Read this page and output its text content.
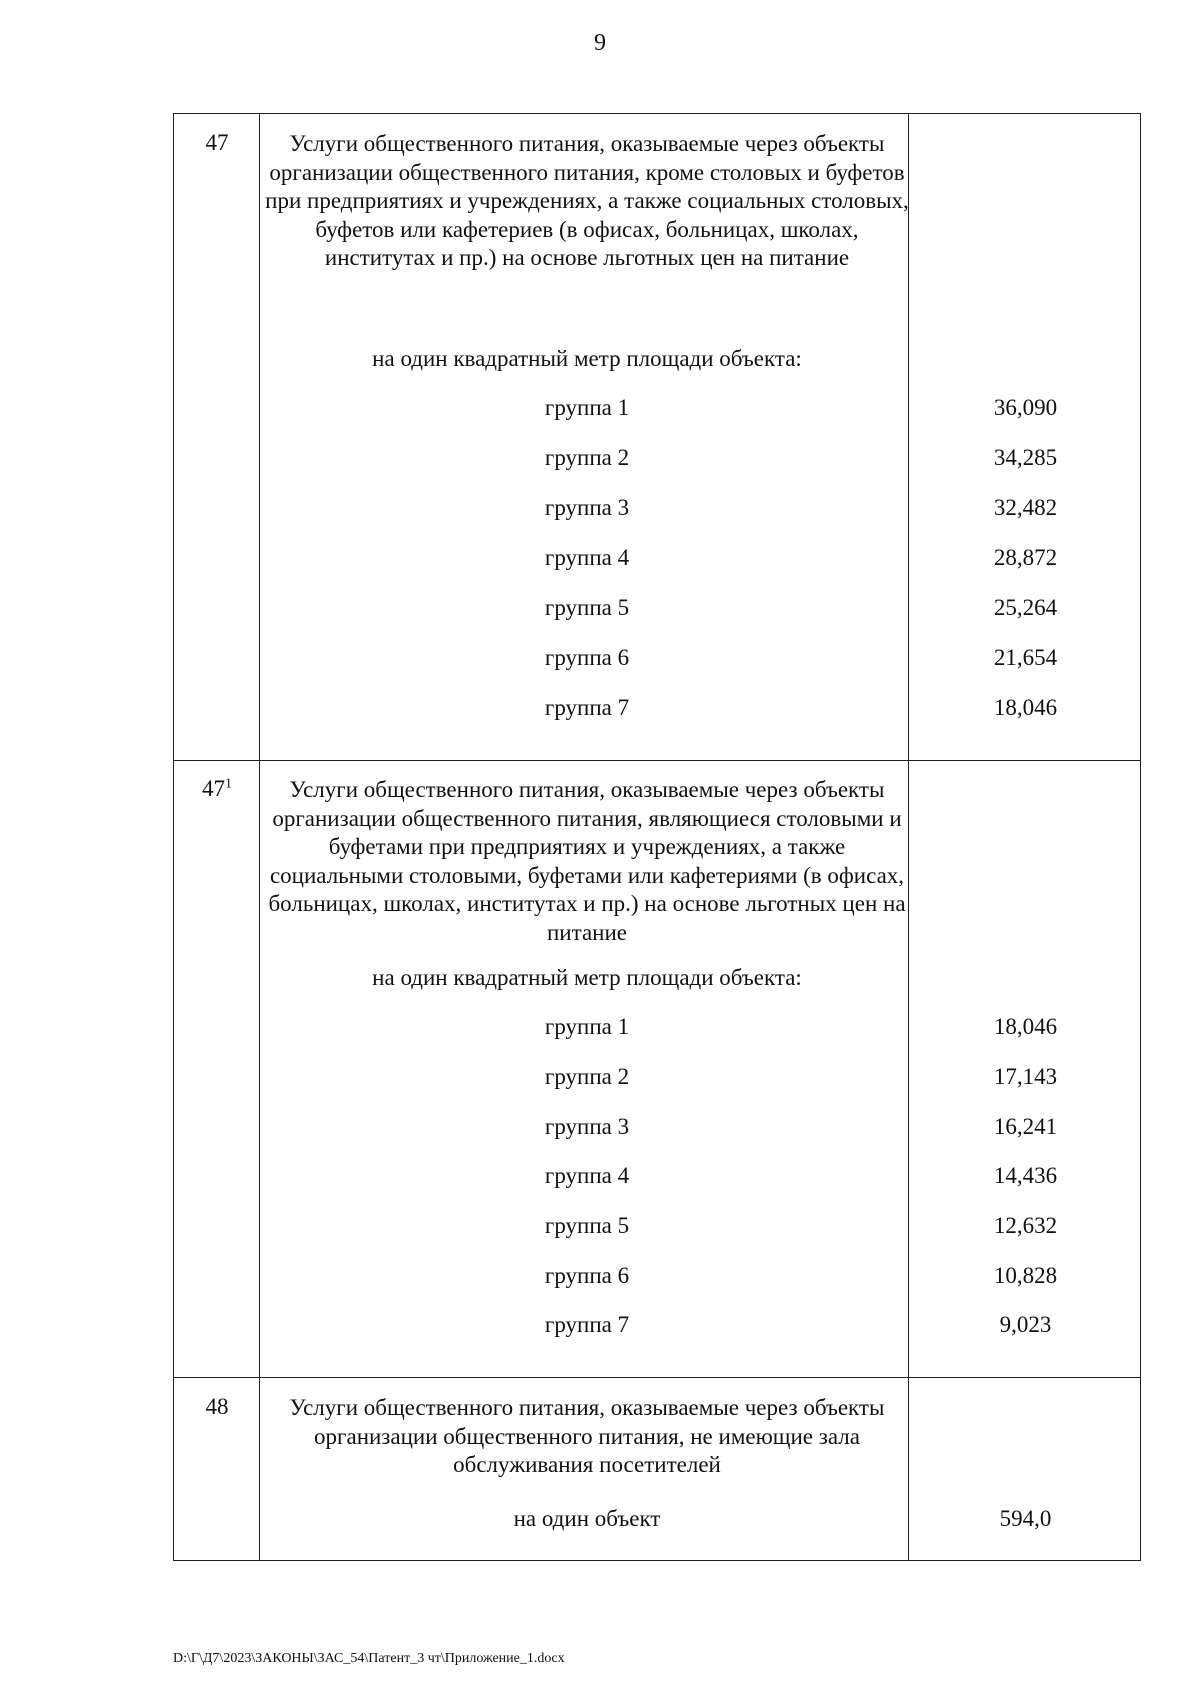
9
47	Услуги общественного питания, оказываемые через объекты организации общественного питания, кроме столовых и буфетов при предприятиях и учреждениях, а также социальных столовых, буфетов или кафетериев (в офисах, больницах, школах, институтах и пр.) на основе льготных цен на питание
на один квадратный метр площади объекта:
группа 1	36,090
группа 2	34,285
группа 3	32,482
группа 4	28,872
группа 5	25,264
группа 6	21,654
группа 7	18,046
$47^1$	Услуги общественного питания, оказываемые через объекты организации общественного питания, являющиеся столовыми и буфетами при предприятиях и учреждениях, а также социальными столовыми, буфетами или кафетериями (в офисах, больницах, школах, институтах и пр.) на основе льготных цен на питание
на один квадратный метр площади объекта:
группа 1	18,046
группа 2	17,143
группа 3	16,241
группа 4	14,436
группа 5	12,632
группа 6	10,828
группа 7	9,023
48	Услуги общественного питания, оказываемые через объекты организации общественного питания, не имеющие зала обслуживания посетителей
на один объект	594,0
D:\Г\Д7\2023\ЗАКОНЫ\ЗАС_54\Патент_3 чт\Приложение_1.docx
